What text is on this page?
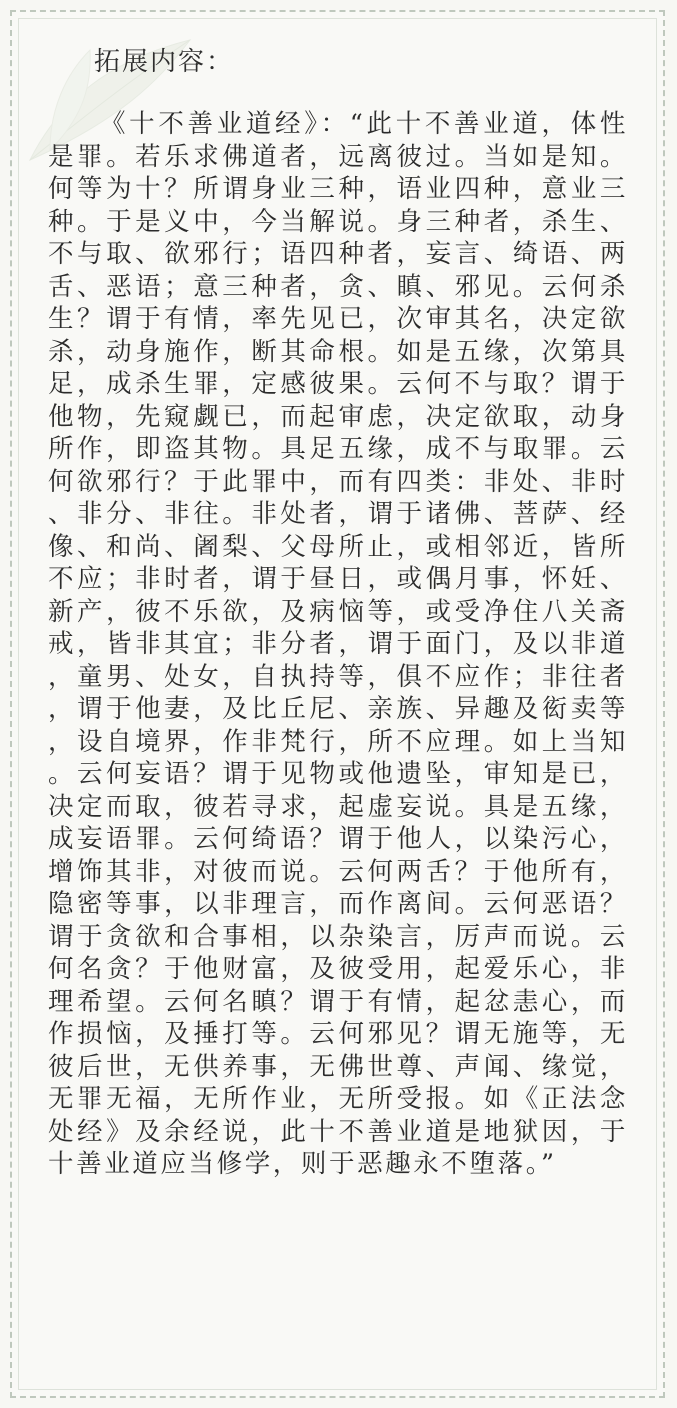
拓展内容：

《十不善业道经》：“此十不善业道，体性是罪。若乐求佛道者，远离彼过。当如是知。何等为十？所谓身业三种，语业四种，意业三种。于是义中，今当解说。身三种者，杀生、不与取、欲邪行；语四种者，妄言、绮语、两舌、恶语；意三种者，贪、瞋、邪见。云何杀生？谓于有情，率先见已，次审其名，决定欲杀，动身施作，断其命根。如是五缘，次第具足，成杀生罪，定感彼果。云何不与取？谓于他物，先窥觑已，而起审虑，决定欲取，动身所作，即盗其物。具足五缘，成不与取罪。云何欲邪行？于此罪中，而有四类：非处、非时、非分、非往。非处者，谓于诸佛、菩萨、经像、和尚、阇梨、父母所止，或相邻近，皆所不应；非时者，谓于昼日，或偶月事，怀妊、新产，彼不乐欲，及病恼等，或受净住八关斋戒，皆非其宜；非分者，谓于面门，及以非道，童男、处女，自执持等，俱不应作；非往者，谓于他妻，及比丘尼、亲族、异趣及衒卖等，设自境界，作非梵行，所不应理。如上当知。云何妄语？谓于见物或他遗坠，审知是已，决定而取，彼若寻求，起虚妄说。具是五缘，成妄语罪。云何绮语？谓于他人，以染污心，增饰其非，对彼而说。云何两舌？于他所有，隐密等事，以非理言，而作离间。云何恶语？谓于贪欲和合事相，以杂染言，厉声而说。云何名贪？于他财富，及彼受用，起爱乐心，非理希望。云何名瞋？谓于有情，起忿恚心，而作损恼，及捶打等。云何邪见？谓无施等，无彼后世，无供养事，无佛世尊、声闻、缘觉，无罪无福，无所作业，无所受报。如《正法念处经》及余经说，此十不善业道是地狱因，于十善业道应当修学，则于恶趣永不堕落。”
